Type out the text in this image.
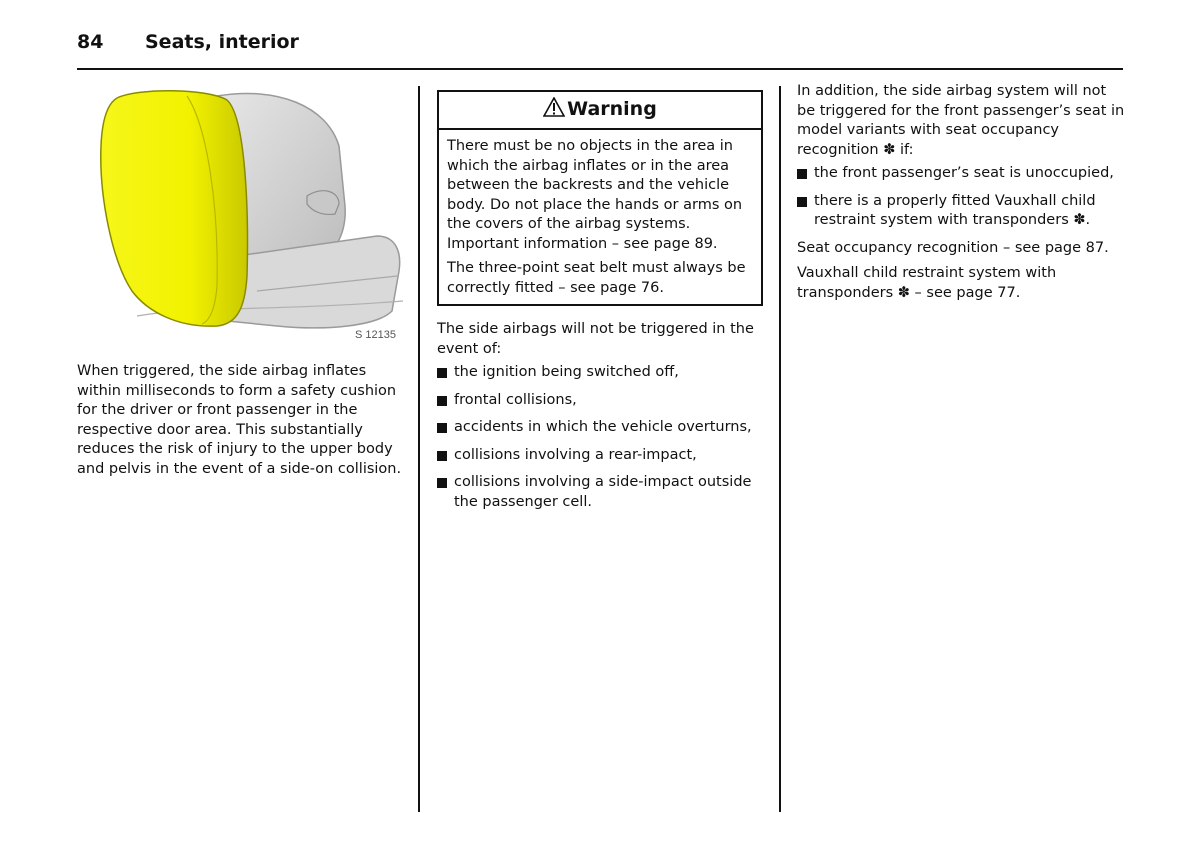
84 Seats, interior
S 12135

When triggered, the side airbag inflates within milliseconds to form a safety cushion for the driver or front passenger in the respective door area. This substantially reduces the risk of injury to the upper body and pelvis in the event of a side-on collision.

Warning

There must be no objects in the area in which the airbag inflates or in the area between the backrests and the vehicle body. Do not place the hands or arms on the covers of the airbag systems. Important information – see page 89.

The three-point seat belt must always be correctly fitted – see page 76.

The side airbags will not be triggered in the event of:

the ignition being switched off,
frontal collisions,
accidents in which the vehicle overturns,
collisions involving a rear-impact,
collisions involving a side-impact outside the passenger cell.

In addition, the side airbag system will not be triggered for the front passenger’s seat in model variants with seat occupancy recognition ✽ if:

the front passenger’s seat is unoccupied,
there is a properly fitted Vauxhall child restraint system with transponders ✽.

Seat occupancy recognition – see page 87.

Vauxhall child restraint system with transponders ✽ – see page 77.
